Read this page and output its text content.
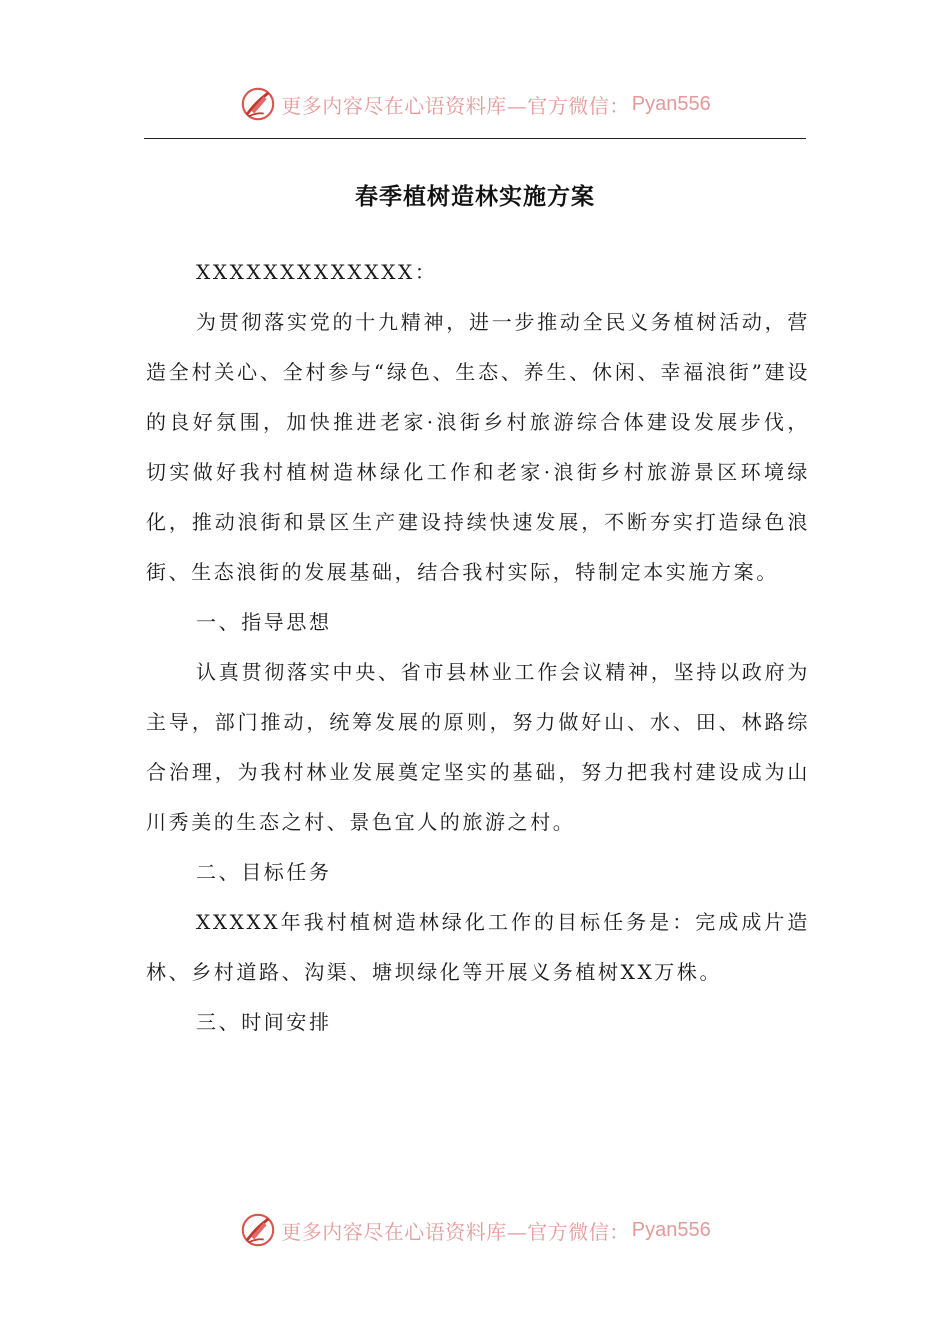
更多内容尽在心语资料库—官方微信： Pyan556
春季植树造林实施方案

XXXXXXXXXXXXX：

为贯彻落实党的十九精神，进一步推动全民义务植树活动，营造全村关心、全村参与“绿色、生态、养生、休闲、幸福浪街”建设的良好氛围，加快推进老家·浪街乡村旅游综合体建设发展步伐，切实做好我村植树造林绿化工作和老家·浪街乡村旅游景区环境绿化，推动浪街和景区生产建设持续快速发展，不断夯实打造绿色浪街、生态浪街的发展基础，结合我村实际，特制定本实施方案。

一、指导思想

认真贯彻落实中央、省市县林业工作会议精神，坚持以政府为主导，部门推动，统筹发展的原则，努力做好山、水、田、林路综合治理，为我村林业发展奠定坚实的基础，努力把我村建设成为山川秀美的生态之村、景色宜人的旅游之村。

二、目标任务

XXXXX年我村植树造林绿化工作的目标任务是：完成成片造林、乡村道路、沟渠、塘坝绿化等开展义务植树XX万株。

三、时间安排

更多内容尽在心语资料库—官方微信： Pyan556
